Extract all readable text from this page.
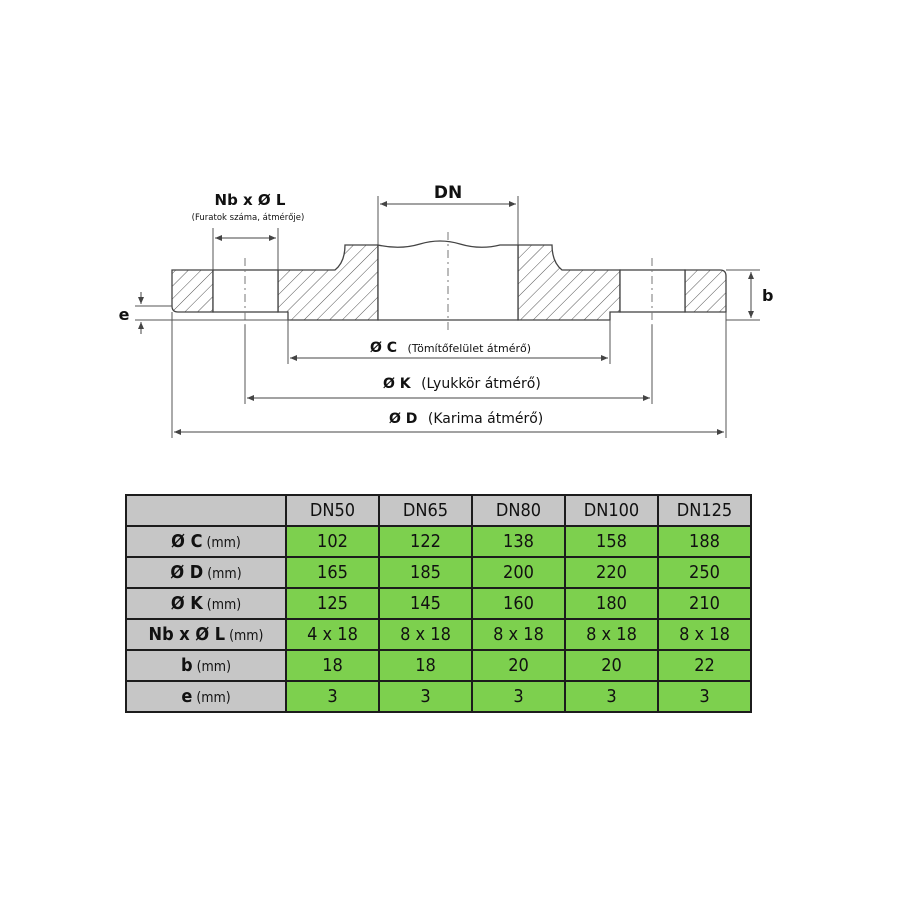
DN
Nb x Ø L
(Furatok száma, átmérője)
e
b
Ø C (Tömítőfelület átmérő)
Ø K (Lyukkör átmérő)
Ø D (Karima átmérő)
	DN50	DN65	DN80	DN100	DN125
Ø C (mm)	102	122	138	158	188
Ø D (mm)	165	185	200	220	250
Ø K (mm)	125	145	160	180	210
Nb x Ø L (mm)	4 x 18	8 x 18	8 x 18	8 x 18	8 x 18
b (mm)	18	18	20	20	22
e (mm)	3	3	3	3	3
